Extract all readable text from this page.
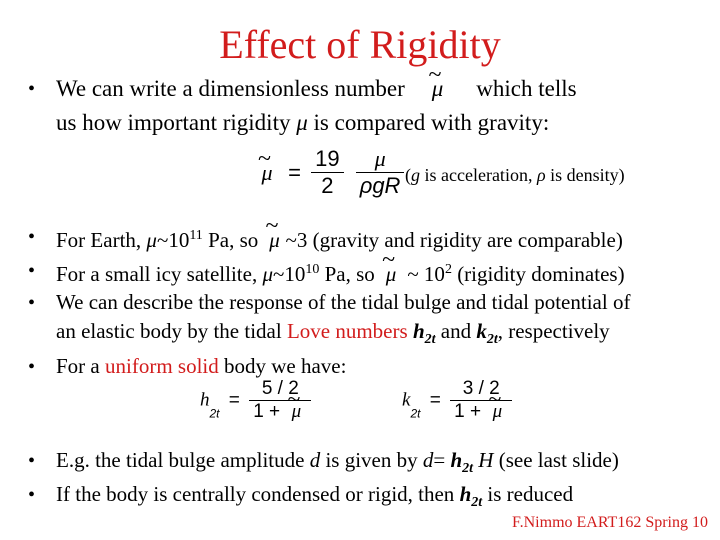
Effect of Rigidity
• We can write a dimensionless number ~ μ which tells
us how important rigidity μ is compared with gravity:
~ $\mu = \frac{19}{2}$
$\frac{\mu}{\text{ρgR}} (g$ is acceleration, ρ is density)
• For Earth, $\mu\sim 10^{11}$ Pa, so ~ μ ~3 (gravity and rigidity are comparable)
• For a small icy satellite, $\mu\sim 10^{10}$ Pa, so ~ μ ~ $10^2$ (rigidity dominates)
• We can describe the response of the tidal bulge and tidal potential of
an elastic body by the tidal Love numbers $h_{2t}$ and $k_{2t}$, respectively
• For a uniform solid body we have:
$h_{2t} = \frac{5 / 2}{1 + \sim \mu}$	$k_{2t} = \frac{3 / 2}{1 + \sim \mu}$
• E.g. the tidal bulge amplitude d is given by $d= h_{2t}$ H (see last slide)
• If the body is centrally condensed or rigid, then $h_{2t}$ is reduced
F.Nimmo EART162 Spring 10
